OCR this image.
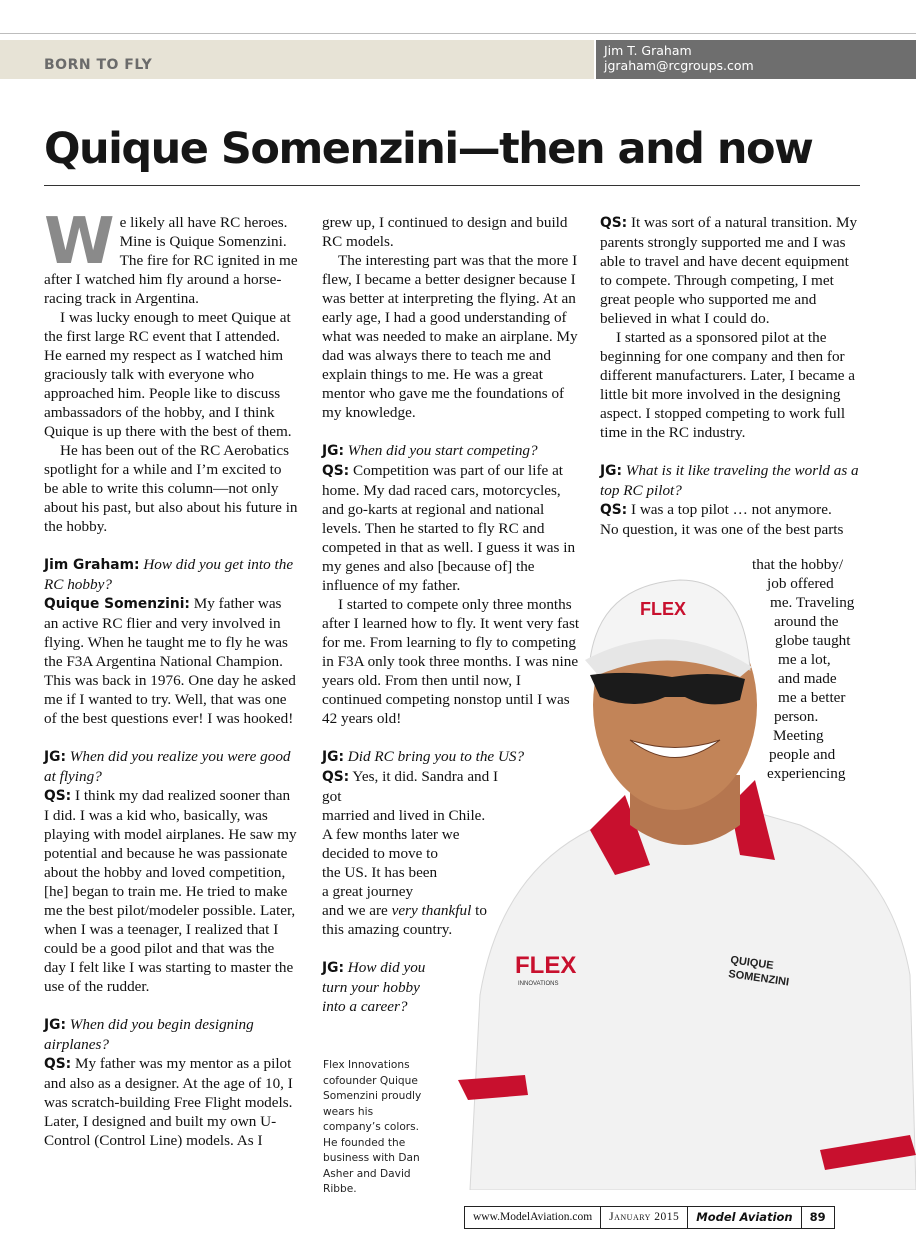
BORN TO FLY
Jim T. Graham
jgraham@rcgroups.com
Quique Somenzini—then and now

We likely all have RC heroes. Mine is Quique Somenzini. The fire for RC ignited in me after I watched him fly around a horse-racing track in Argentina.

I was lucky enough to meet Quique at the first large RC event that I attended. He earned my respect as I watched him graciously talk with everyone who approached him. People like to discuss ambassadors of the hobby, and I think Quique is up there with the best of them.

He has been out of the RC Aerobatics spotlight for a while and I’m excited to be able to write this column—not only about his past, but also about his future in the hobby.

Jim Graham: How did you get into the RC hobby?

Quique Somenzini: My father was an active RC flier and very involved in flying. When he taught me to fly he was the F3A Argentina National Champion. This was back in 1976. One day he asked me if I wanted to try. Well, that was one of the best questions ever! I was hooked!

JG: When did you realize you were good at flying?

QS: I think my dad realized sooner than I did. I was a kid who, basically, was playing with model airplanes. He saw my potential and because he was passionate about the hobby and loved competition, [he] began to train me. He tried to make me the best pilot/modeler possible. Later, when I was a teenager, I realized that I could be a good pilot and that was the day I felt like I was starting to master the use of the rudder.

JG: When did you begin designing airplanes?

QS: My father was my mentor as a pilot and also as a designer. At the age of 10, I was scratch-building Free Flight models. Later, I designed and built my own U-Control (Control Line) models. As I

grew up, I continued to design and build RC models.

The interesting part was that the more I flew, I became a better designer because I was better at interpreting the flying. At an early age, I had a good understanding of what was needed to make an airplane. My dad was always there to teach me and explain things to me. He was a great mentor who gave me the foundations of my knowledge.

JG: When did you start competing?

QS: Competition was part of our life at home. My dad raced cars, motorcycles, and go-karts at regional and national levels. Then he started to fly RC and competed in that as well. I guess it was in my genes and also [because of] the influence of my father.

I started to compete only three months after I learned how to fly. It went very fast for me. From learning to fly to competing in F3A only took three months. I was nine years old. From then until now, I continued competing nonstop until I was 42 years old!

JG: Did RC bring you to the US?

QS: Yes, it did. Sandra and I got
married and lived in Chile.
A few months later we
decided to move to
the US. It has been
a great journey
and we are very thankful to this amazing country.
JG: How did you
turn your hobby
into a career?

QS: It was sort of a natural transition. My parents strongly supported me and I was able to travel and have decent equipment to compete. Through competing, I met great people who supported me and believed in what I could do.

I started as a sponsored pilot at the beginning for one company and then for different manufacturers. Later, I became a little bit more involved in the designing aspect. I stopped competing to work full time in the RC industry.

JG: What is it like traveling the world as a top RC pilot?

QS: I was a top pilot … not anymore.
No question, it was one of the best parts
that the hobby/
job offered
me. Traveling
around the
globe taught
me a lot,
and made
me a better
person.
Meeting
people and
experiencing
FLEX
FLEX
INNOVATIONS
QUIQUE
SOMENZINI
Flex Innovations cofounder Quique Somenzini proudly wears his company’s colors. He founded the business with Dan Asher and David Ribbe.
www.ModelAviation.com	January 2015	Model Aviation	89
